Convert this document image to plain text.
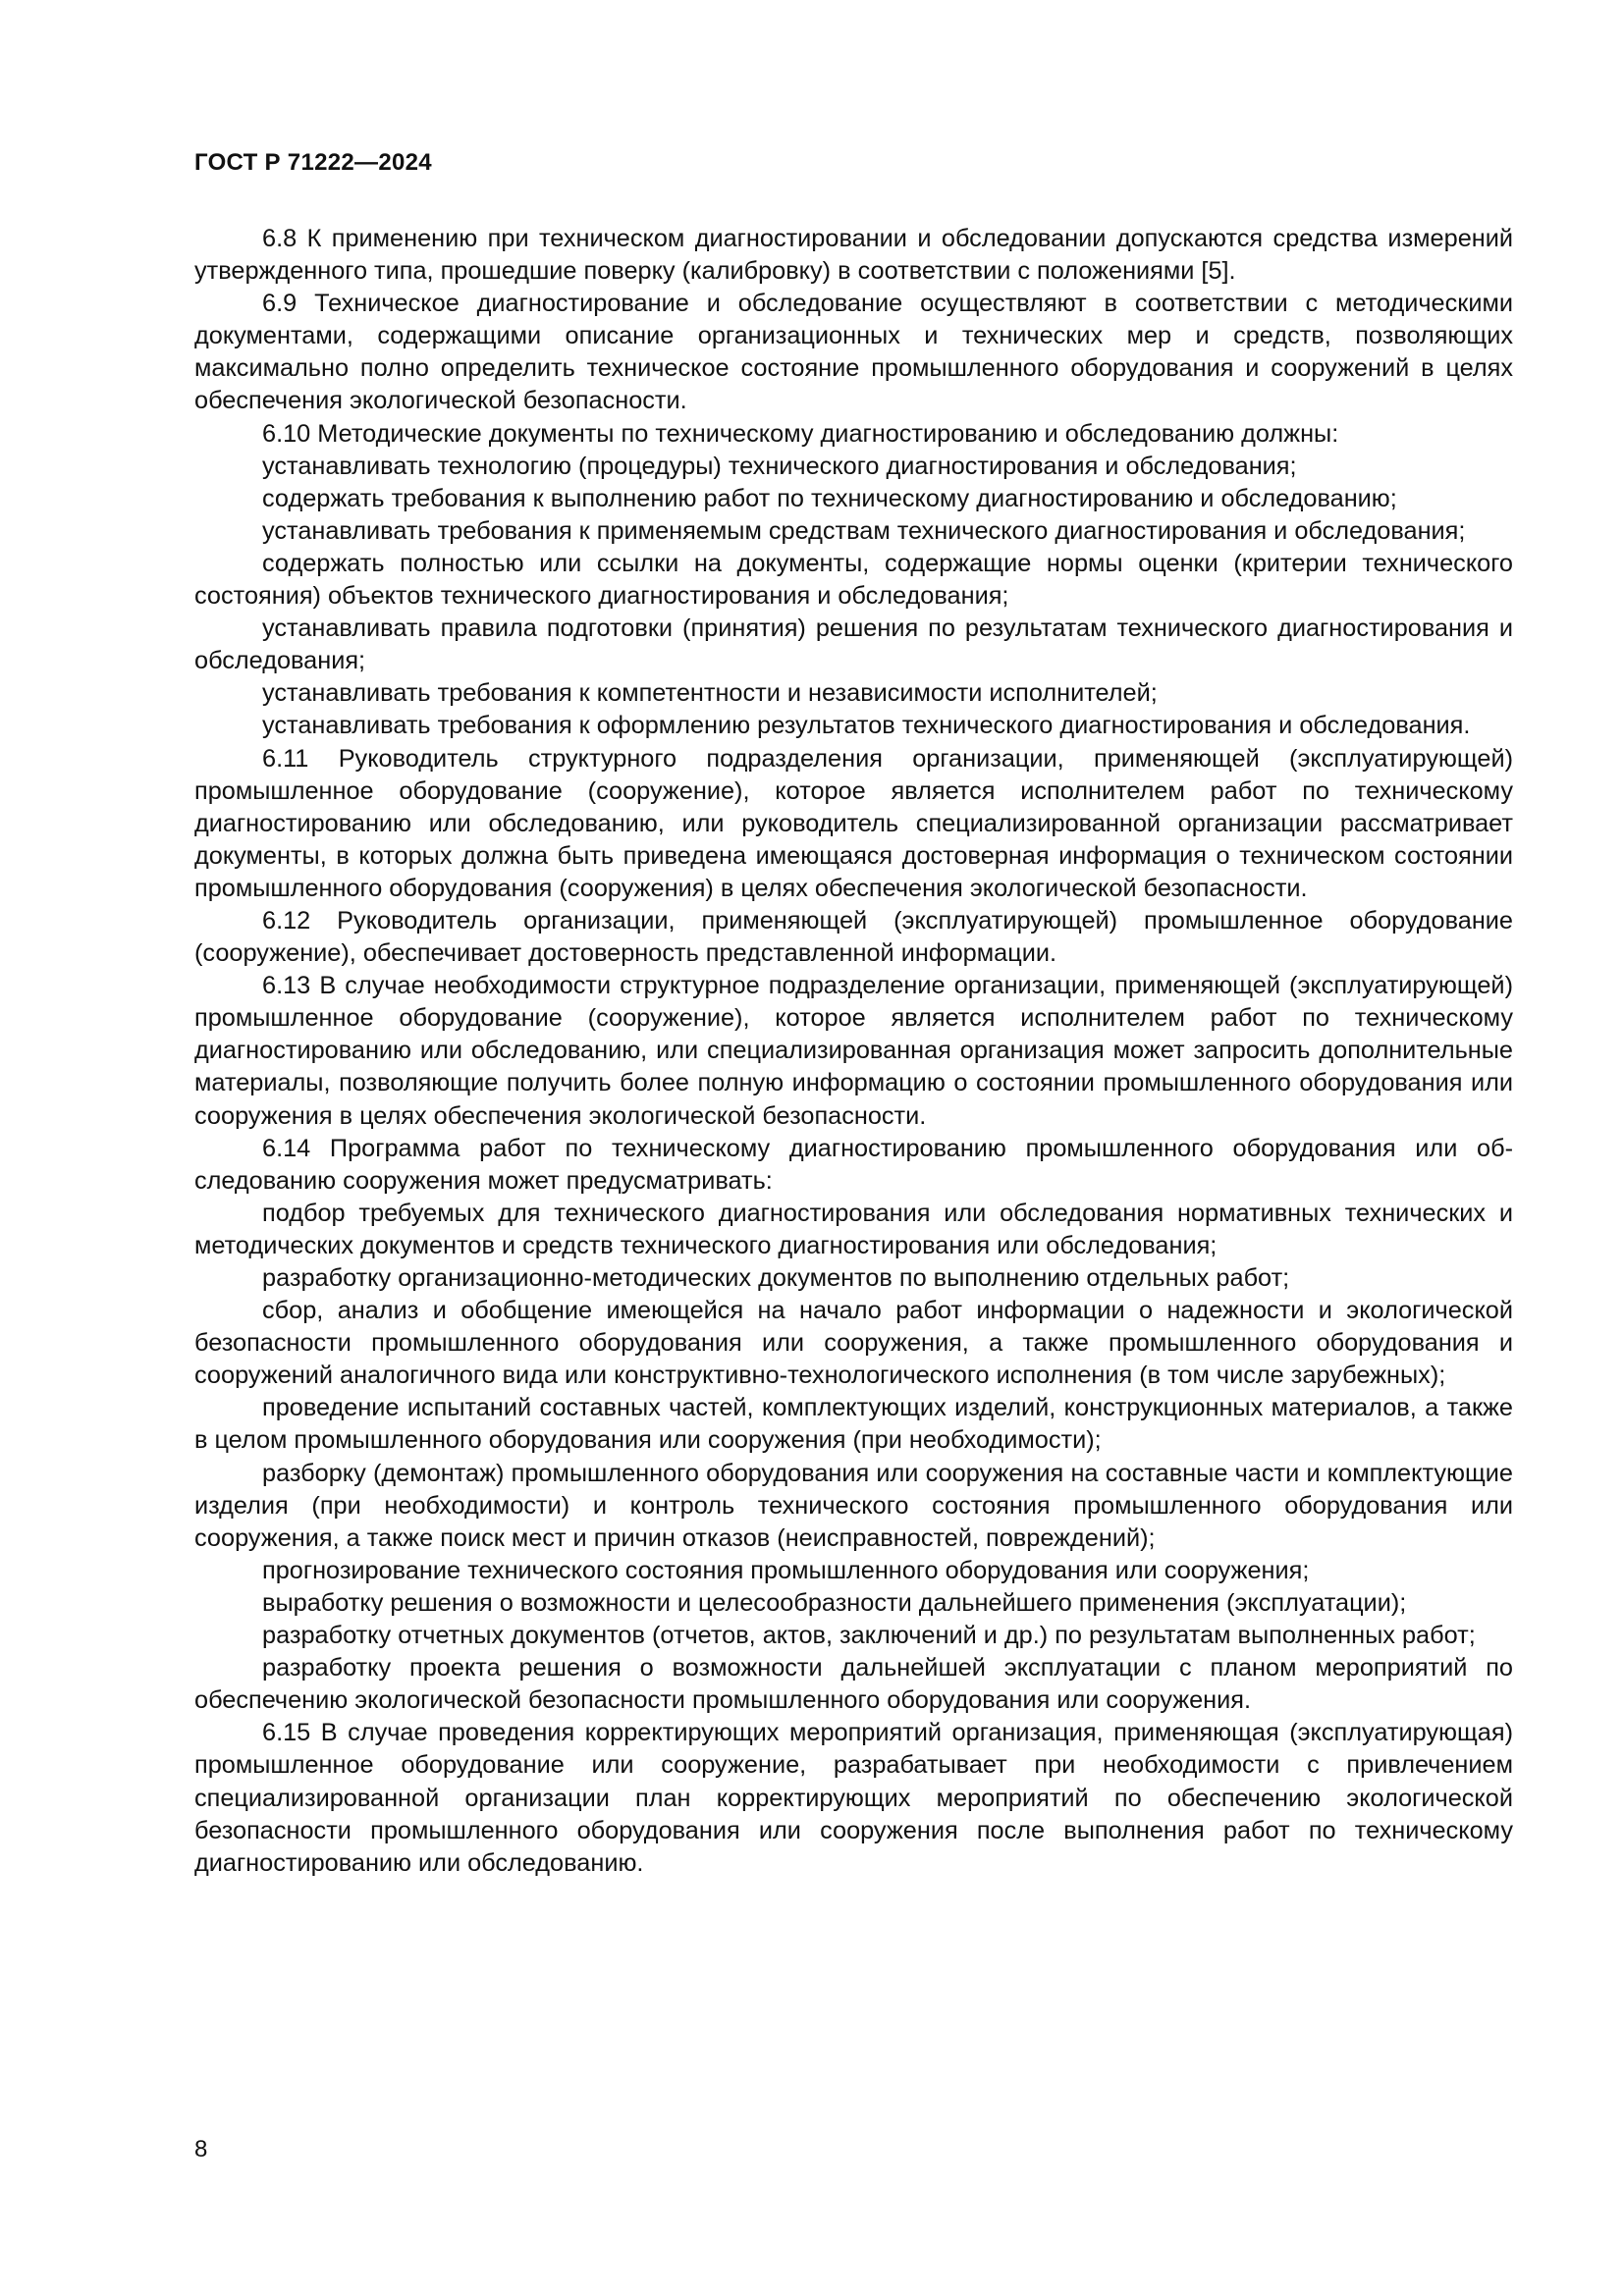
ГОСТ Р 71222—2024

6.8 К применению при техническом диагностировании и обследовании допускаются средства измерений утвержденного типа, прошедшие поверку (калибровку) в соответствии с положениями [5].

6.9 Техническое диагностирование и обследование осуществляют в соответствии с методическими документами, содержащими описание организационных и технических мер и средств, позволяющих максимально полно определить техническое состояние промышленного оборудования и сооружений в целях обеспечения экологической безопасности.

6.10 Методические документы по техническому диагностированию и обследованию должны:

устанавливать технологию (процедуры) технического диагностирования и обследования;

содержать требования к выполнению работ по техническому диагностированию и обследованию;

устанавливать требования к применяемым средствам технического диагностирования и обследования;

содержать полностью или ссылки на документы, содержащие нормы оценки (критерии технического состояния) объектов технического диагностирования и обследования;

устанавливать правила подготовки (принятия) решения по результатам технического диагностирования и обследования;

устанавливать требования к компетентности и независимости исполнителей;

устанавливать требования к оформлению результатов технического диагностирования и обследования.

6.11 Руководитель структурного подразделения организации, применяющей (эксплуатирующей) промышленное оборудование (сооружение), которое является исполнителем работ по техническому диагностированию или обследованию, или руководитель специализированной организации рассматривает документы, в которых должна быть приведена имеющаяся достоверная информация о техническом состоянии промышленного оборудования (сооружения) в целях обеспечения экологической безопасности.

6.12 Руководитель организации, применяющей (эксплуатирующей) промышленное оборудование (сооружение), обеспечивает достоверность представленной информации.

6.13 В случае необходимости структурное подразделение организации, применяющей (эксплуатирующей) промышленное оборудование (сооружение), которое является исполнителем работ по техническому диагностированию или обследованию, или специализированная организация может запросить дополнительные материалы, позволяющие получить более полную информацию о состоянии промышленного оборудования или сооружения в целях обеспечения экологической безопасности.

6.14 Программа работ по техническому диагностированию промышленного оборудования или обследованию сооружения может предусматривать:

подбор требуемых для технического диагностирования или обследования нормативных технических и методических документов и средств технического диагностирования или обследования;

разработку организационно-методических документов по выполнению отдельных работ;

сбор, анализ и обобщение имеющейся на начало работ информации о надежности и экологической безопасности промышленного оборудования или сооружения, а также промышленного оборудования и сооружений аналогичного вида или конструктивно-технологического исполнения (в том числе зарубежных);

проведение испытаний составных частей, комплектующих изделий, конструкционных материалов, а также в целом промышленного оборудования или сооружения (при необходимости);

разборку (демонтаж) промышленного оборудования или сооружения на составные части и комплектующие изделия (при необходимости) и контроль технического состояния промышленного оборудования или сооружения, а также поиск мест и причин отказов (неисправностей, повреждений);

прогнозирование технического состояния промышленного оборудования или сооружения;

выработку решения о возможности и целесообразности дальнейшего применения (эксплуатации);

разработку отчетных документов (отчетов, актов, заключений и др.) по результатам выполненных работ;

разработку проекта решения о возможности дальнейшей эксплуатации с планом мероприятий по обеспечению экологической безопасности промышленного оборудования или сооружения.

6.15 В случае проведения корректирующих мероприятий организация, применяющая (эксплуатирующая) промышленное оборудование или сооружение, разрабатывает при необходимости с привлечением специализированной организации план корректирующих мероприятий по обеспечению экологической безопасности промышленного оборудования или сооружения после выполнения работ по техническому диагностированию или обследованию.

8
